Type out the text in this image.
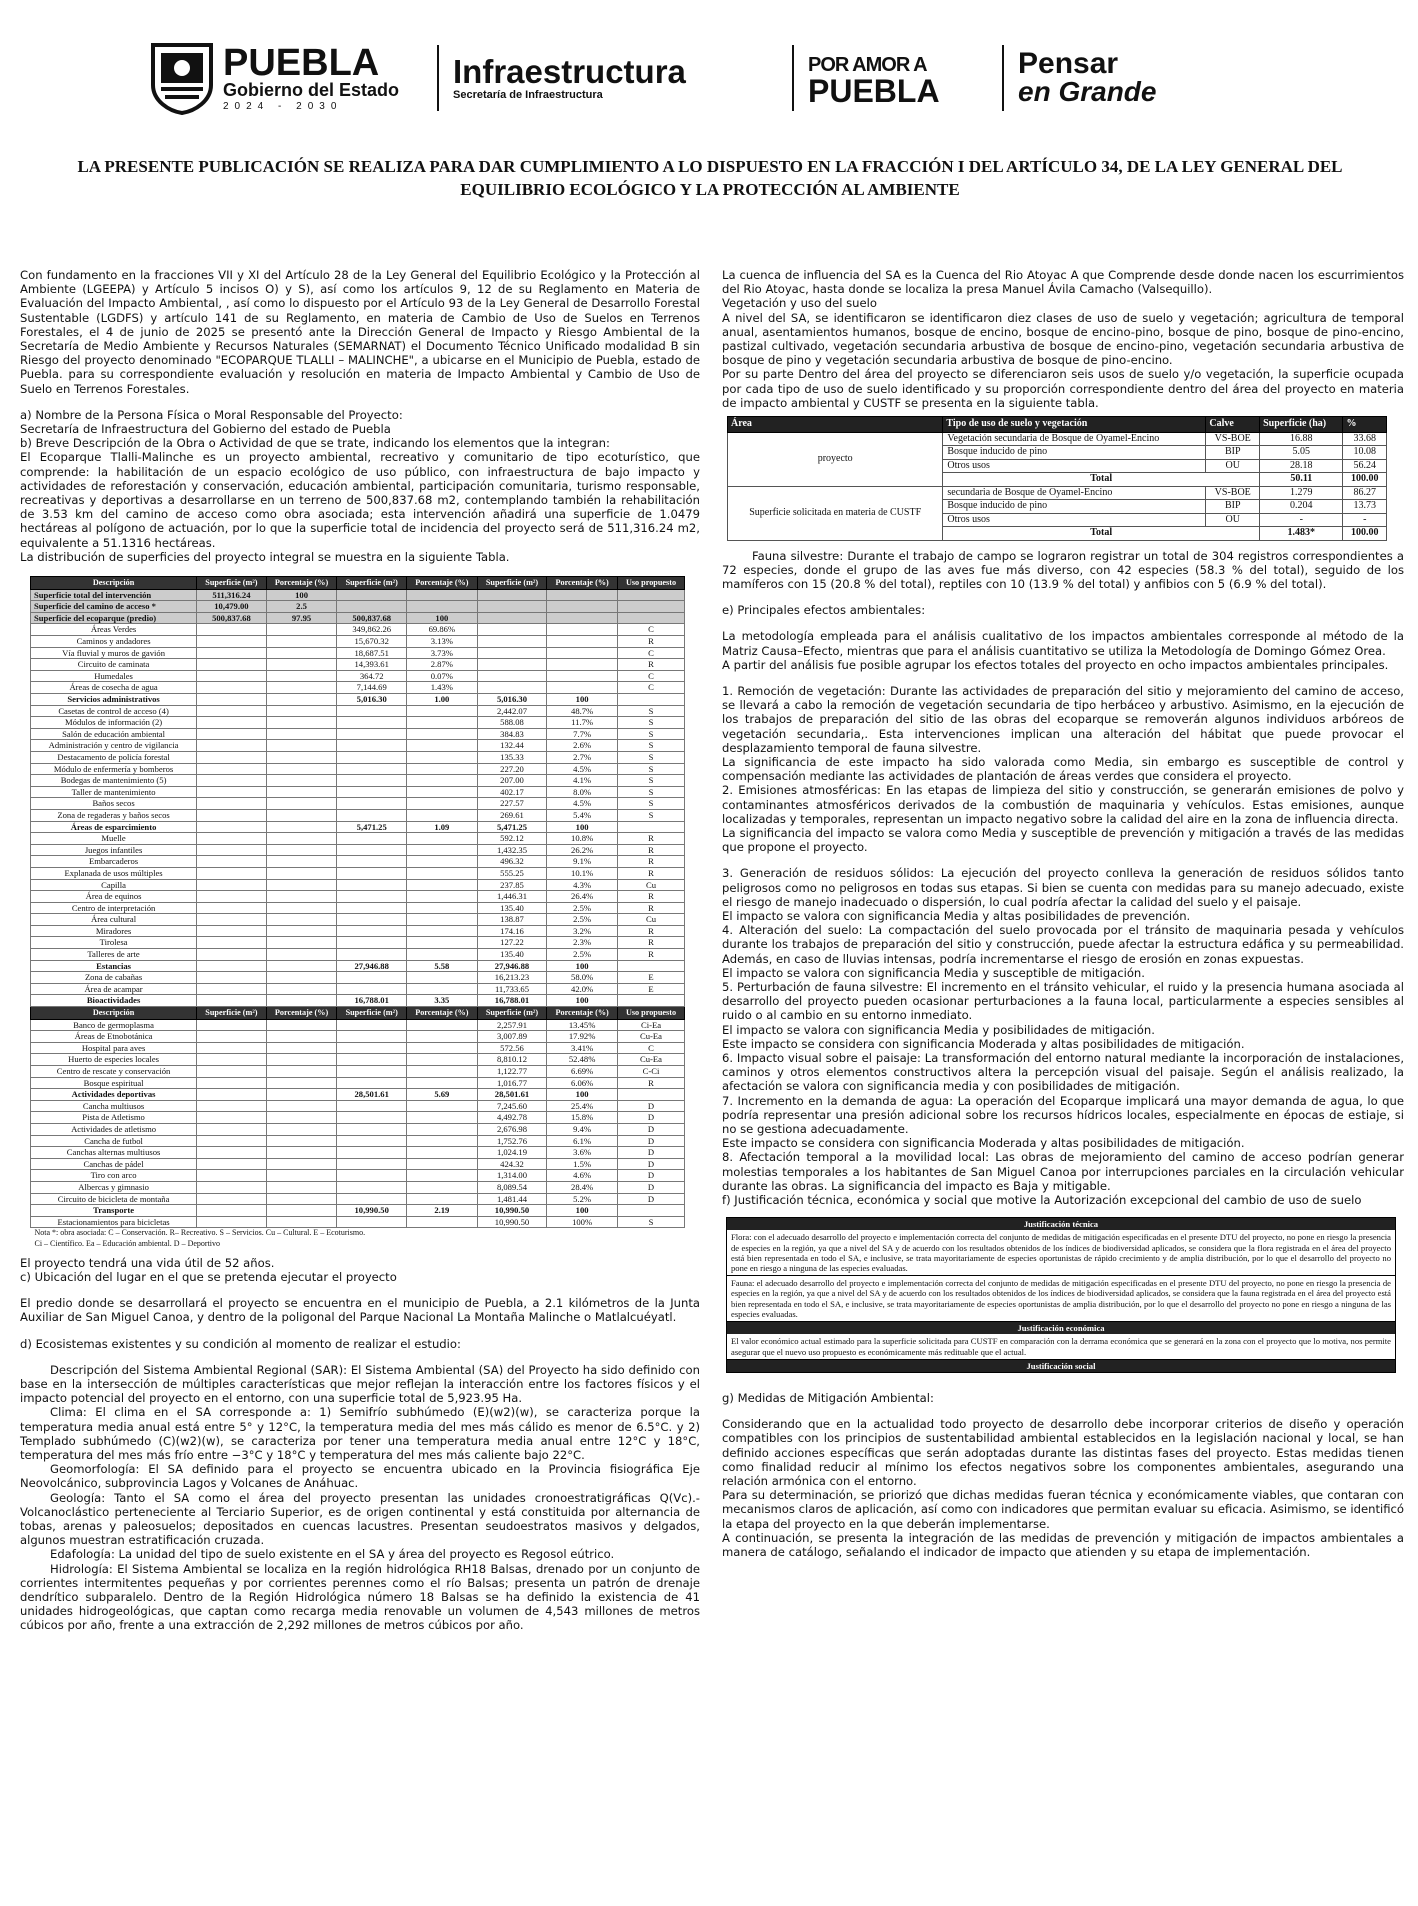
PUEBLA
Gobierno del Estado
2024 - 2030
Infraestructura
Secretaría de Infraestructura
POR AMOR A
PUEBLA
Pensar
en Grande
LA PRESENTE PUBLICACIÓN SE REALIZA PARA DAR CUMPLIMIENTO A LO DISPUESTO EN LA FRACCIÓN I DEL ARTÍCULO 34, DE LA LEY GENERAL DEL EQUILIBRIO ECOLÓGICO Y LA PROTECCIÓN AL AMBIENTE

Con fundamento en la fracciones VII y XI del Artículo 28 de la Ley General del Equilibrio Ecológico y la Protección al Ambiente (LGEEPA) y Artículo 5 incisos O) y S), así como los artículos 9, 12 de su Reglamento en Materia de Evaluación del Impacto Ambiental, , así como lo dispuesto por el Artículo 93 de la Ley General de Desarrollo Forestal Sustentable (LGDFS) y artículo 141 de su Reglamento, en materia de Cambio de Uso de Suelos en Terrenos Forestales, el 4 de junio de 2025 se presentó ante la Dirección General de Impacto y Riesgo Ambiental de la Secretaría de Medio Ambiente y Recursos Naturales (SEMARNAT) el Documento Técnico Unificado modalidad B sin Riesgo del proyecto denominado "ECOPARQUE TLALLI – MALINCHE", a ubicarse en el Municipio de Puebla, estado de Puebla. para su correspondiente evaluación y resolución en materia de Impacto Ambiental y Cambio de Uso de Suelo en Terrenos Forestales.

a) Nombre de la Persona Física o Moral Responsable del Proyecto:

Secretaría de Infraestructura del Gobierno del estado de Puebla

b) Breve Descripción de la Obra o Actividad de que se trate, indicando los elementos que la integran:

El Ecoparque Tlalli-Malinche es un proyecto ambiental, recreativo y comunitario de tipo ecoturístico, que comprende: la habilitación de un espacio ecológico de uso público, con infraestructura de bajo impacto y actividades de reforestación y conservación, educación ambiental, participación comunitaria, turismo responsable, recreativas y deportivas a desarrollarse en un terreno de 500,837.68 m2, contemplando también la rehabilitación de 3.53 km del camino de acceso como obra asociada; esta intervención añadirá una superficie de 1.0479 hectáreas al polígono de actuación, por lo que la superficie total de incidencia del proyecto será de 511,316.24 m2, equivalente a 51.1316 hectáreas.

La distribución de superficies del proyecto integral se muestra en la siguiente Tabla.

Descripción	Superficie (m²)	Porcentaje (%)	Superficie (m²)	Porcentaje (%)	Superficie (m²)	Porcentaje (%)	Uso propuesto
Superficie total del intervención	511,316.24	100					
Superficie del camino de acceso *	10,479.00	2.5					
Superficie del ecoparque (predio)	500,837.68	97.95	500,837.68	100			
Áreas Verdes			349,862.26	69.86%			C
Caminos y andadores			15,670.32	3.13%			R
Vía fluvial y muros de gavión			18,687.51	3.73%			C
Circuito de caminata			14,393.61	2.87%			R
Humedales			364.72	0.07%			C
Áreas de cosecha de agua			7,144.69	1.43%			C
Servicios administrativos			5,016.30	1.00	5,016.30	100	
Casetas de control de acceso (4)					2,442.07	48.7%	S
Módulos de información (2)					588.08	11.7%	S
Salón de educación ambiental					384.83	7.7%	S
Administración y centro de vigilancia					132.44	2.6%	S
Destacamento de policía forestal					135.33	2.7%	S
Módulo de enfermería y bomberos					227.20	4.5%	S
Bodegas de mantenimiento (5)					207.00	4.1%	S
Taller de mantenimiento					402.17	8.0%	S
Baños secos					227.57	4.5%	S
Zona de regaderas y baños secos					269.61	5.4%	S
Áreas de esparcimiento			5,471.25	1.09	5,471.25	100	
Muelle					592.12	10.8%	R
Juegos infantiles					1,432.35	26.2%	R
Embarcaderos					496.32	9.1%	R
Explanada de usos múltiples					555.25	10.1%	R
Capilla					237.85	4.3%	Cu
Área de equinos					1,446.31	26.4%	R
Centro de interpretación					135.40	2.5%	R
Área cultural					138.87	2.5%	Cu
Miradores					174.16	3.2%	R
Tirolesa					127.22	2.3%	R
Talleres de arte					135.40	2.5%	R
Estancias			27,946.88	5.58	27,946.88	100	
Zona de cabañas					16,213.23	58.0%	E
Área de acampar					11,733.65	42.0%	E
Bioactividades			16,788.01	3.35	16,788.01	100	
Descripción	Superficie (m²)	Porcentaje (%)	Superficie (m²)	Porcentaje (%)	Superficie (m²)	Porcentaje (%)	Uso propuesto
Banco de germoplasma					2,257.91	13.45%	Ci-Ea
Áreas de Etnobotánica					3,007.89	17.92%	Cu-Ea
Hospital para aves					572.56	3.41%	C
Huerto de especies locales					8,810.12	52.48%	Cu-Ea
Centro de rescate y conservación					1,122.77	6.69%	C-Ci
Bosque espiritual					1,016.77	6.06%	R
Actividades deportivas			28,501.61	5.69	28,501.61	100	
Cancha multiusos					7,245.60	25.4%	D
Pista de Atletismo					4,492.78	15.8%	D
Actividades de atletismo					2,676.98	9.4%	D
Cancha de futbol					1,752.76	6.1%	D
Canchas alternas multiusos					1,024.19	3.6%	D
Canchas de pádel					424.32	1.5%	D
Tiro con arco					1,314.00	4.6%	D
Albercas y gimnasio					8,089.54	28.4%	D
Circuito de bicicleta de montaña					1,481.44	5.2%	D
Transporte			10,990.50	2.19	10,990.50	100	
Estacionamientos para bicicletas					10,990.50	100%	S
Nota *: obra asociada: C – Conservación. R– Recreativo. S – Servicios. Cu – Cultural. E – Ecoturismo.							
Ci – Científico. Ea – Educación ambiental. D – Deportivo							

El proyecto tendrá una vida útil de 52 años.

c) Ubicación del lugar en el que se pretenda ejecutar el proyecto

El predio donde se desarrollará el proyecto se encuentra en el municipio de Puebla, a 2.1 kilómetros de la Junta Auxiliar de San Miguel Canoa, y dentro de la poligonal del Parque Nacional La Montaña Malinche o Matlalcuéyatl.

d) Ecosistemas existentes y su condición al momento de realizar el estudio:

Descripción del Sistema Ambiental Regional (SAR): El Sistema Ambiental (SA) del Proyecto ha sido definido con base en la intersección de múltiples características que mejor reflejan la interacción entre los factores físicos y el impacto potencial del proyecto en el entorno, con una superficie total de 5,923.95 Ha.

Clima: El clima en el SA corresponde a: 1) Semifrío subhúmedo (E)(w2)(w), se caracteriza porque la temperatura media anual está entre 5° y 12°C, la temperatura media del mes más cálido es menor de 6.5°C. y 2) Templado subhúmedo (C)(w2)(w), se caracteriza por tener una temperatura media anual entre 12°C y 18°C, temperatura del mes más frío entre −3°C y 18°C y temperatura del mes más caliente bajo 22°C.

Geomorfología: El SA definido para el proyecto se encuentra ubicado en la Provincia fisiográfica Eje Neovolcánico, subprovincia Lagos y Volcanes de Anáhuac.

Geología: Tanto el SA como el área del proyecto presentan las unidades cronoestratigráficas Q(Vc).- Volcanoclástico perteneciente al Terciario Superior, es de origen continental y está constituida por alternancia de tobas, arenas y paleosuelos; depositados en cuencas lacustres. Presentan seudoestratos masivos y delgados, algunos muestran estratificación cruzada.

Edafología: La unidad del tipo de suelo existente en el SA y área del proyecto es Regosol eútrico.

Hidrología: El Sistema Ambiental se localiza en la región hidrológica RH18 Balsas, drenado por un conjunto de corrientes intermitentes pequeñas y por corrientes perennes como el río Balsas; presenta un patrón de drenaje dendrítico subparalelo. Dentro de la Región Hidrológica número 18 Balsas se ha definido la existencia de 41 unidades hidrogeológicas, que captan como recarga media renovable un volumen de 4,543 millones de metros cúbicos por año, frente a una extracción de 2,292 millones de metros cúbicos por año.

La cuenca de influencia del SA es la Cuenca del Rio Atoyac A que Comprende desde donde nacen los escurrimientos del Rio Atoyac, hasta donde se localiza la presa Manuel Ávila Camacho (Valsequillo).

Vegetación y uso del suelo

A nivel del SA, se identificaron se identificaron diez clases de uso de suelo y vegetación; agricultura de temporal anual, asentamientos humanos, bosque de encino, bosque de encino-pino, bosque de pino, bosque de pino-encino, pastizal cultivado, vegetación secundaria arbustiva de bosque de encino-pino, vegetación secundaria arbustiva de bosque de pino y vegetación secundaria arbustiva de bosque de pino-encino.

Por su parte Dentro del área del proyecto se diferenciaron seis usos de suelo y/o vegetación, la superficie ocupada por cada tipo de uso de suelo identificado y su proporción correspondiente dentro del área del proyecto en materia de impacto ambiental y CUSTF se presenta en la siguiente tabla.

Área	Tipo de uso de suelo y vegetación	Calve	Superficie (ha)	%
proyecto	Vegetación secundaria de Bosque de Oyamel-Encino	VS-BOE	16.88	33.68
	Bosque inducido de pino	BIP	5.05	10.08
	Otros usos	OU	28.18	56.24
	Total		50.11	100.00
Superficie solicitada en materia de CUSTF	secundaria de Bosque de Oyamel-Encino	VS-BOE	1.279	86.27
	Bosque inducido de pino	BIP	0.204	13.73
	Otros usos	OU	-	-
	Total		1.483*	100.00

Fauna silvestre: Durante el trabajo de campo se lograron registrar un total de 304 registros correspondientes a 72 especies, donde el grupo de las aves fue más diverso, con 42 especies (58.3 % del total), seguido de los mamíferos con 15 (20.8 % del total), reptiles con 10 (13.9 % del total) y anfibios con 5 (6.9 % del total).

e) Principales efectos ambientales:

La metodología empleada para el análisis cualitativo de los impactos ambientales corresponde al método de la Matriz Causa–Efecto, mientras que para el análisis cuantitativo se utiliza la Metodología de Domingo Gómez Orea.

A partir del análisis fue posible agrupar los efectos totales del proyecto en ocho impactos ambientales principales.

1. Remoción de vegetación: Durante las actividades de preparación del sitio y mejoramiento del camino de acceso, se llevará a cabo la remoción de vegetación secundaria de tipo herbáceo y arbustivo. Asimismo, en la ejecución de los trabajos de preparación del sitio de las obras del ecoparque se removerán algunos individuos arbóreos de vegetación secundaria,. Esta intervenciones implican una alteración del hábitat que puede provocar el desplazamiento temporal de fauna silvestre.

La significancia de este impacto ha sido valorada como Media, sin embargo es susceptible de control y compensación mediante las actividades de plantación de áreas verdes que considera el proyecto.

2. Emisiones atmosféricas: En las etapas de limpieza del sitio y construcción, se generarán emisiones de polvo y contaminantes atmosféricos derivados de la combustión de maquinaria y vehículos. Estas emisiones, aunque localizadas y temporales, representan un impacto negativo sobre la calidad del aire en la zona de influencia directa.

La significancia del impacto se valora como Media y susceptible de prevención y mitigación a través de las medidas que propone el proyecto.

3. Generación de residuos sólidos: La ejecución del proyecto conlleva la generación de residuos sólidos tanto peligrosos como no peligrosos en todas sus etapas. Si bien se cuenta con medidas para su manejo adecuado, existe el riesgo de manejo inadecuado o dispersión, lo cual podría afectar la calidad del suelo y el paisaje.

El impacto se valora con significancia Media y altas posibilidades de prevención.

4. Alteración del suelo: La compactación del suelo provocada por el tránsito de maquinaria pesada y vehículos durante los trabajos de preparación del sitio y construcción, puede afectar la estructura edáfica y su permeabilidad. Además, en caso de lluvias intensas, podría incrementarse el riesgo de erosión en zonas expuestas.

El impacto se valora con significancia Media y susceptible de mitigación.

5. Perturbación de fauna silvestre: El incremento en el tránsito vehicular, el ruido y la presencia humana asociada al desarrollo del proyecto pueden ocasionar perturbaciones a la fauna local, particularmente a especies sensibles al ruido o al cambio en su entorno inmediato.

El impacto se valora con significancia Media y posibilidades de mitigación.

Este impacto se considera con significancia Moderada y altas posibilidades de mitigación.

6. Impacto visual sobre el paisaje: La transformación del entorno natural mediante la incorporación de instalaciones, caminos y otros elementos constructivos altera la percepción visual del paisaje. Según el análisis realizado, la afectación se valora con significancia media y con posibilidades de mitigación.

7. Incremento en la demanda de agua: La operación del Ecoparque implicará una mayor demanda de agua, lo que podría representar una presión adicional sobre los recursos hídricos locales, especialmente en épocas de estiaje, si no se gestiona adecuadamente.

Este impacto se considera con significancia Moderada y altas posibilidades de mitigación.

8. Afectación temporal a la movilidad local: Las obras de mejoramiento del camino de acceso podrían generar molestias temporales a los habitantes de San Miguel Canoa por interrupciones parciales en la circulación vehicular durante las obras. La significancia del impacto es Baja y mitigable.

f) Justificación técnica, económica y social que motive la Autorización excepcional del cambio de uso de suelo

Justificación técnica
Flora: con el adecuado desarrollo del proyecto e implementación correcta del conjunto de medidas de mitigación especificadas en el presente DTU del proyecto, no pone en riesgo la presencia de especies en la región, ya que a nivel del SA y de acuerdo con los resultados obtenidos de los índices de biodiversidad aplicados, se considera que la flora registrada en el área del proyecto está bien representada en todo el SA, e inclusive, se trata mayoritariamente de especies oportunistas de rápido crecimiento y de amplia distribución, por lo que el desarrollo del proyecto no pone en riesgo a ninguna de las especies evaluadas.
Fauna: el adecuado desarrollo del proyecto e implementación correcta del conjunto de medidas de mitigación especificadas en el presente DTU del proyecto, no pone en riesgo la presencia de especies en la región, ya que a nivel del SA y de acuerdo con los resultados obtenidos de los índices de biodiversidad aplicados, se considera que la fauna registrada en el área del proyecto está bien representada en todo el SA, e inclusive, se trata mayoritariamente de especies oportunistas de amplia distribución, por lo que el desarrollo del proyecto no pone en riesgo a ninguna de las especies evaluadas.
Justificación económica
El valor económico actual estimado para la superficie solicitada para CUSTF en comparación con la derrama económica que se generará en la zona con el proyecto que lo motiva, nos permite asegurar que el nuevo uso propuesto es económicamente más redituable que el actual.
Justificación social

g) Medidas de Mitigación Ambiental:

Considerando que en la actualidad todo proyecto de desarrollo debe incorporar criterios de diseño y operación compatibles con los principios de sustentabilidad ambiental establecidos en la legislación nacional y local, se han definido acciones específicas que serán adoptadas durante las distintas fases del proyecto. Estas medidas tienen como finalidad reducir al mínimo los efectos negativos sobre los componentes ambientales, asegurando una relación armónica con el entorno.

Para su determinación, se priorizó que dichas medidas fueran técnica y económicamente viables, que contaran con mecanismos claros de aplicación, así como con indicadores que permitan evaluar su eficacia. Asimismo, se identificó la etapa del proyecto en la que deberán implementarse.

A continuación, se presenta la integración de las medidas de prevención y mitigación de impactos ambientales a manera de catálogo, señalando el indicador de impacto que atienden y su etapa de implementación.
